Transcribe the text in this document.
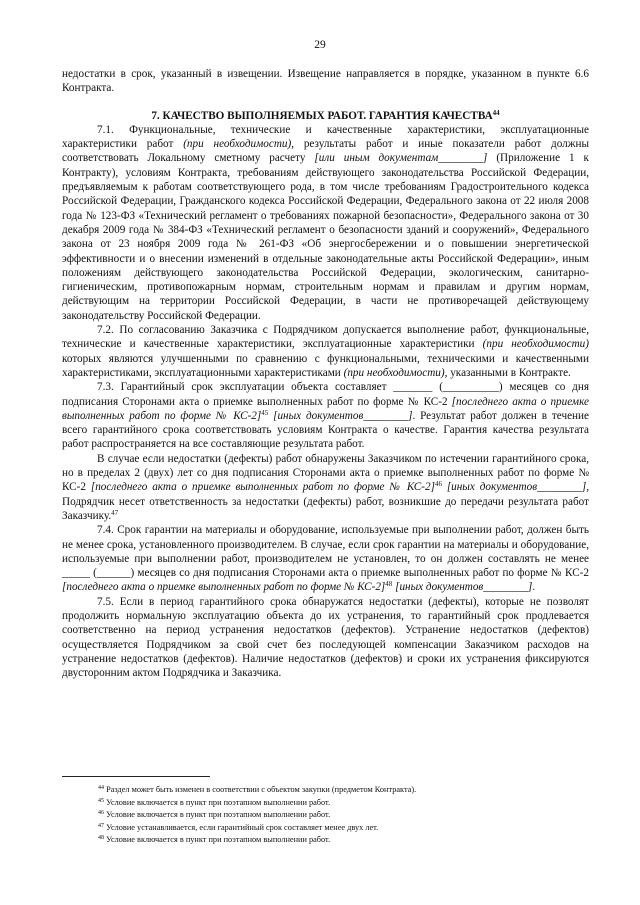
29

недостатки в срок, указанный в извещении. Извещение направляется в порядке, указанном в пункте 6.6 Контракта.

7. КАЧЕСТВО ВЫПОЛНЯЕМЫХ РАБОТ. ГАРАНТИЯ КАЧЕСТВА$^{44}$

7.1. Функциональные, технические и качественные характеристики, эксплуатационные характеристики работ (при необходимости), результаты работ и иные показатели работ должны соответствовать Локальному сметному расчету [или иным документам________] (Приложение 1 к Контракту), условиям Контракта, требованиям действующего законодательства Российской Федерации, предъявляемым к работам соответствующего рода, в том числе требованиям Градостроительного кодекса Российской Федерации, Гражданского кодекса Российской Федерации, Федерального закона от 22 июля 2008 года № 123-ФЗ «Технический регламент о требованиях пожарной безопасности», Федерального закона от 30 декабря 2009 года № 384-ФЗ «Технический регламент о безопасности зданий и сооружений», Федерального закона от 23 ноября 2009 года № 261-ФЗ «Об энергосбережении и о повышении энергетической эффективности и о внесении изменений в отдельные законодательные акты Российской Федерации», иным положениям действующего законодательства Российской Федерации, экологическим, санитарно-гигиеническим, противопожарным нормам, строительным нормам и правилам и другим нормам, действующим на территории Российской Федерации, в части не противоречащей действующему законодательству Российской Федерации.

7.2. По согласованию Заказчика с Подрядчиком допускается выполнение работ, функциональные, технические и качественные характеристики, эксплуатационные характеристики (при необходимости) которых являются улучшенными по сравнению с функциональными, техническими и качественными характеристиками, эксплуатационными характеристиками (при необходимости), указанными в Контракте.

7.3. Гарантийный срок эксплуатации объекта составляет _______ (__________) месяцев со дня подписания Сторонами акта о приемке выполненных работ по форме № КС-2 [последнего акта о приемке выполненных работ по форме № КС-2]$^{45}$ [иных документов________]. Результат работ должен в течение всего гарантийного срока соответствовать условиям Контракта о качестве. Гарантия качества результата работ распространяется на все составляющие результата работ.

В случае если недостатки (дефекты) работ обнаружены Заказчиком по истечении гарантийного срока, но в пределах 2 (двух) лет со дня подписания Сторонами акта о приемке выполненных работ по форме № КС-2 [последнего акта о приемке выполненных работ по форме № КС-2]$^{46}$ [иных документов________], Подрядчик несет ответственность за недостатки (дефекты) работ, возникшие до передачи результата работ Заказчику.$^{47}$

7.4. Срок гарантии на материалы и оборудование, используемые при выполнении работ, должен быть не менее срока, установленного производителем. В случае, если срок гарантии на материалы и оборудование, используемые при выполнении работ, производителем не установлен, то он должен составлять не менее _____ (______) месяцев со дня подписания Сторонами акта о приемке выполненных работ по форме № КС-2 [последнего акта о приемке выполненных работ по форме № КС-2]$^{48}$ [иных документов________].

7.5. Если в период гарантийного срока обнаружатся недостатки (дефекты), которые не позволят продолжить нормальную эксплуатацию объекта до их устранения, то гарантийный срок продлевается соответственно на период устранения недостатков (дефектов). Устранение недостатков (дефектов) осуществляется Подрядчиком за свой счет без последующей компенсации Заказчиком расходов на устранение недостатков (дефектов). Наличие недостатков (дефектов) и сроки их устранения фиксируются двусторонним актом Подрядчика и Заказчика.

$^{44}$ Раздел может быть изменен в соответствии с объектом закупки (предметом Контракта).
$^{45}$ Условие включается в пункт при поэтапном выполнении работ.
$^{46}$ Условие включается в пункт при поэтапном выполнении работ.
$^{47}$ Условие устанавливается, если гарантийный срок составляет менее двух лет.
$^{48}$ Условие включается в пункт при поэтапном выполнении работ.
